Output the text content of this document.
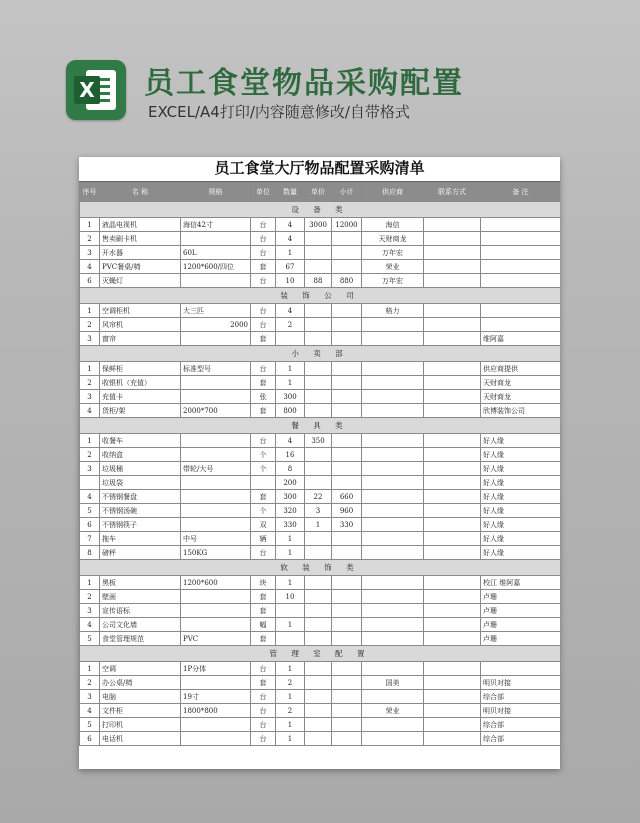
X 员工食堂物品采购配置
EXCEL/A4打印/内容随意修改/自带格式
员工食堂大厅物品配置采购清单
序号	名 称	规格	单位	数量	单价	小计	供应商	联系方式	备 注
设 备 类									
1	液晶电视机	海信42寸	台	4	3000	12000	海信		
2	售卖刷卡机		台	4			天财商龙		
3	开水器	60L	台	1			万年宏		
4	PVC餐桌/椅	1200*600/四位	套	67			荣业		
6	灭蝇灯		台	10	88	880	万年宏		
装 饰 公 司									
1	空调柜机	大三匹	台	4			格力		
2	风帘机	2000	台	2					
3	窗帘		套						维阿嘉
小 卖 部									
1	保鲜柜	标准型号	台	1					供应商提供
2	收银机（充值）		套	1					天财商龙
3	充值卡		张	300					天财商龙
4	货柜/架	2000*700	套	800					欣博装饰公司
餐 具 类									
1	收餐车		台	4	350				好人缘
2	收纳盒		个	16					好人缘
3	垃圾桶	带轮/大号	个	8					好人缘
	垃圾袋			200					好人缘
4	不锈钢餐盘		套	300	22	660			好人缘
5	不锈钢汤碗		个	320	3	960			好人缘
6	不锈钢筷子		双	330	1	330			好人缘
7	拖车	中号	辆	1					好人缘
8	磅秤	150KG	台	1					好人缘
软 装 饰 类									
1	黑板	1200*600	块	1					校江 维阿嘉
2	壁画		套	10					卢珊
3	宣传语标		套						卢珊
4	公司文化墙		幅	1					卢珊
5	食堂管理规范	PVC	套						卢珊
管 理 室 配 置									
1	空调	1P分体	台	1					
2	办公桌/椅		套	2			国美		明贝对接
3	电脑	19寸	台	1					综合部
4	文件柜	1800*800	台	2			荣业		明贝对接
5	打印机		台	1					综合部
6	电话机		台	1					综合部
